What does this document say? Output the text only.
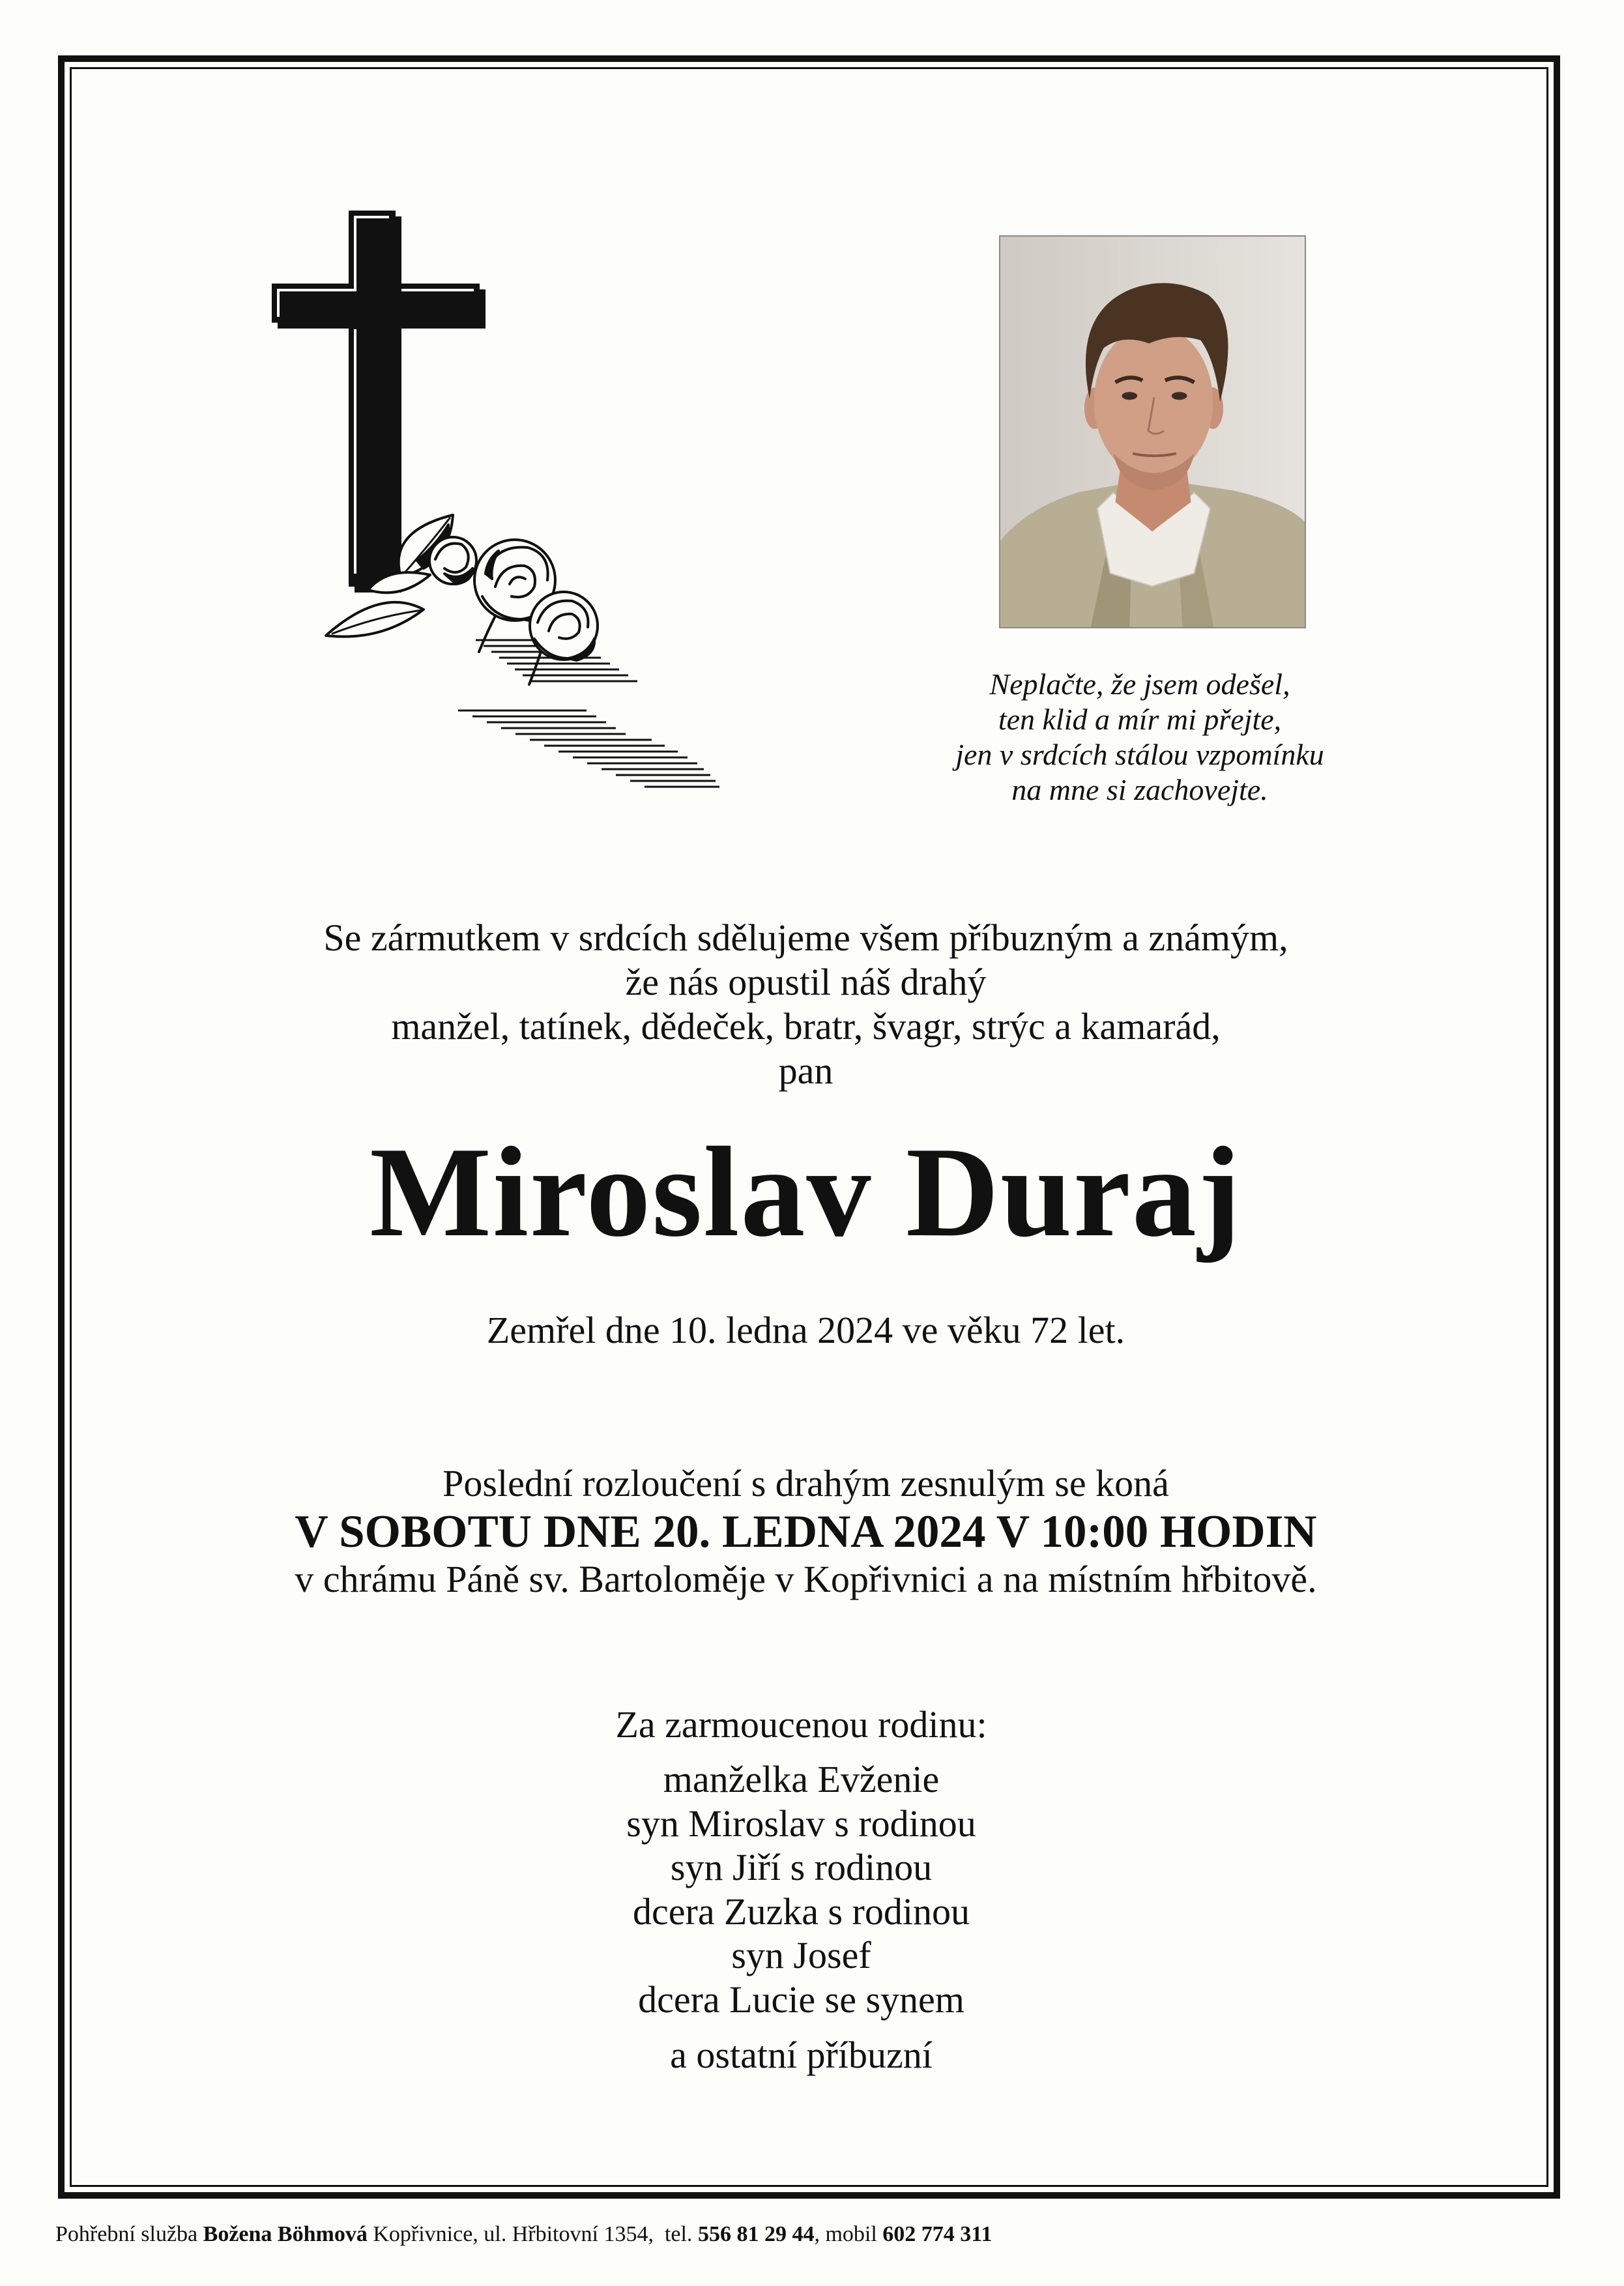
Neplačte, že jsem odešel,
ten klid a mír mi přejte,
jen v srdcích stálou vzpomínku
na mne si zachovejte.
Se zármutkem v srdcích sdělujeme všem příbuzným a známým,
že nás opustil náš drahý
manžel, tatínek, dědeček, bratr, švagr, strýc a kamarád,
pan
Miroslav Duraj
Zemřel dne 10. ledna 2024 ve věku 72 let.
Poslední rozloučení s drahým zesnulým se koná
V SOBOTU DNE 20. LEDNA 2024 V 10:00 HODIN
v chrámu Páně sv. Bartoloměje v Kopřivnici a na místním hřbitově.
Za zarmoucenou rodinu:
manželka Evženie
syn Miroslav s rodinou
syn Jiří s rodinou
dcera Zuzka s rodinou
syn Josef
dcera Lucie se synem
a ostatní příbuzní
Pohřební služba Božena Böhmová Kopřivnice, ul. Hřbitovní 1354, tel. 556 81 29 44, mobil 602 774 311
